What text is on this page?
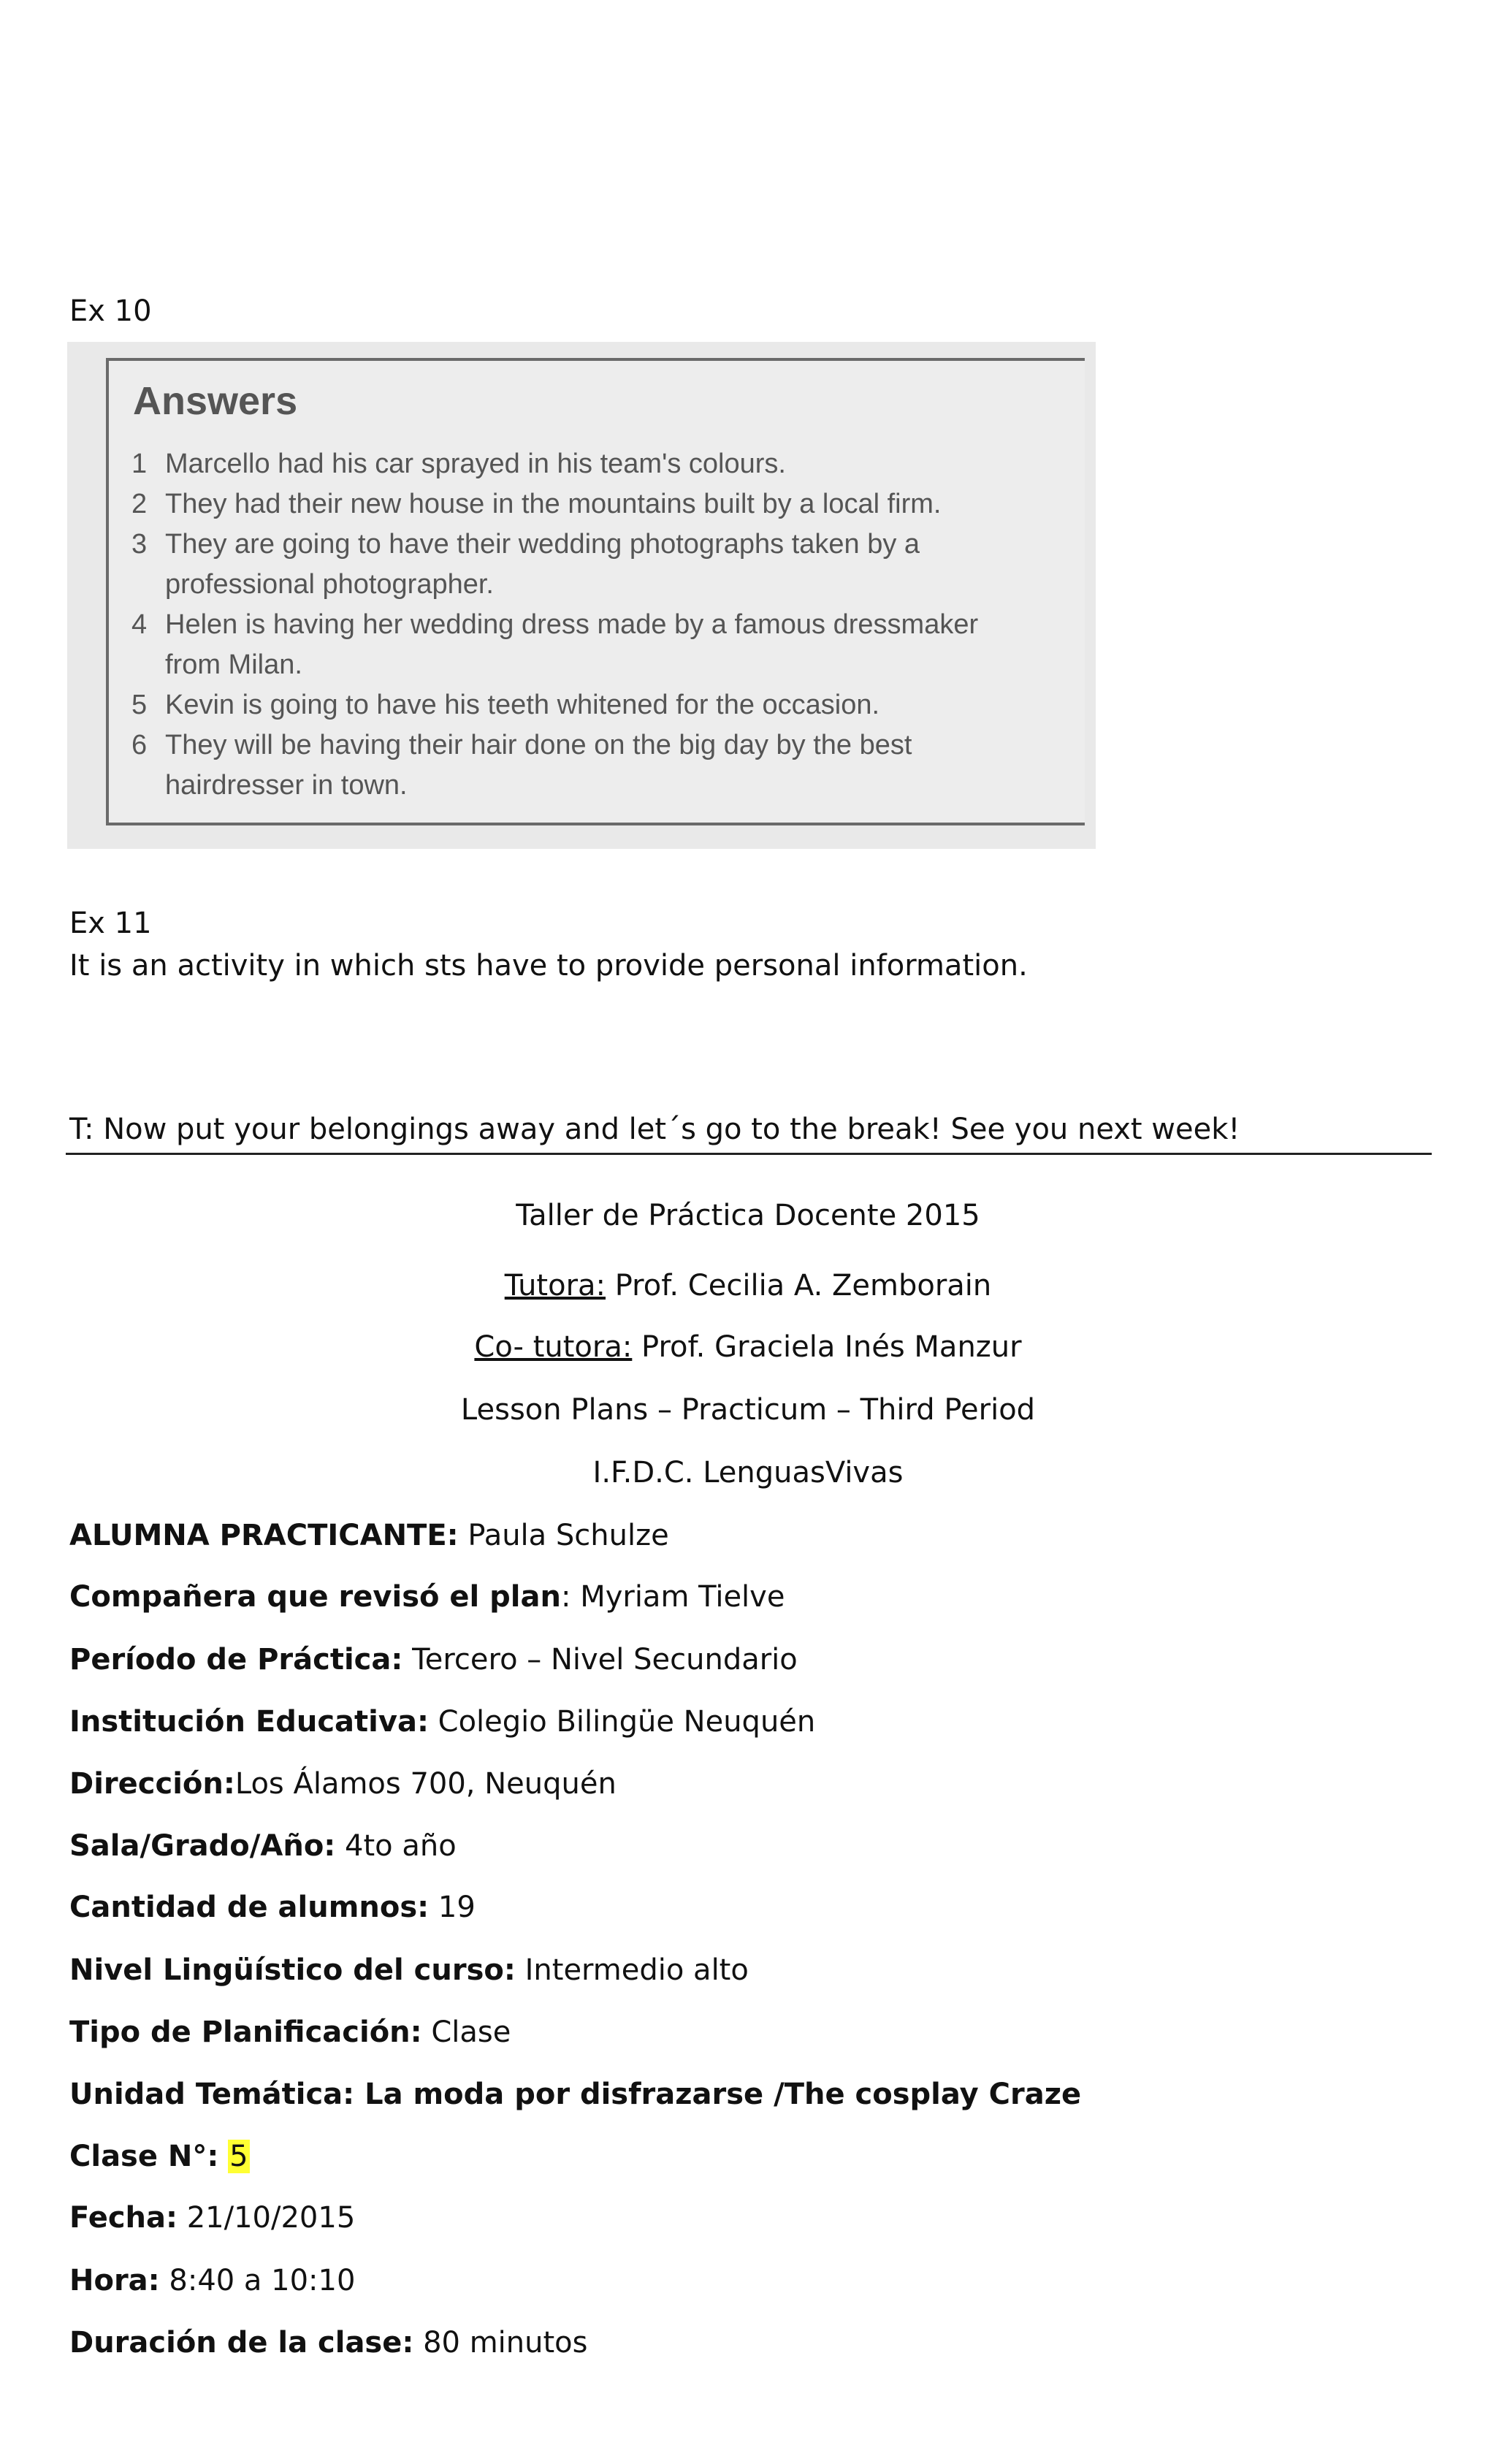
Ex 10
Answers
1 Marcello had his car sprayed in his team's colours.
2 They had their new house in the mountains built by a local firm.
3 They are going to have their wedding photographs taken by a
professional photographer.
4 Helen is having her wedding dress made by a famous dressmaker
from Milan.
5 Kevin is going to have his teeth whitened for the occasion.
6 They will be having their hair done on the big day by the best
hairdresser in town.
Ex 11
It is an activity in which sts have to provide personal information.
T: Now put your belongings away and let´s go to the break! See you next week!
Taller de Práctica Docente 2015
Tutora: Prof. Cecilia A. Zemborain
Co- tutora: Prof. Graciela Inés Manzur
Lesson Plans – Practicum – Third Period
I.F.D.C. LenguasVivas
ALUMNA PRACTICANTE: Paula Schulze
Compañera que revisó el plan: Myriam Tielve
Período de Práctica: Tercero – Nivel Secundario
Institución Educativa: Colegio Bilingüe Neuquén
Dirección:Los Álamos 700, Neuquén
Sala/Grado/Año: 4to año
Cantidad de alumnos: 19
Nivel Lingüístico del curso: Intermedio alto
Tipo de Planificación: Clase
Unidad Temática: La moda por disfrazarse /The cosplay Craze
Clase N°: 5
Fecha: 21/10/2015
Hora: 8:40 a 10:10
Duración de la clase: 80 minutos
